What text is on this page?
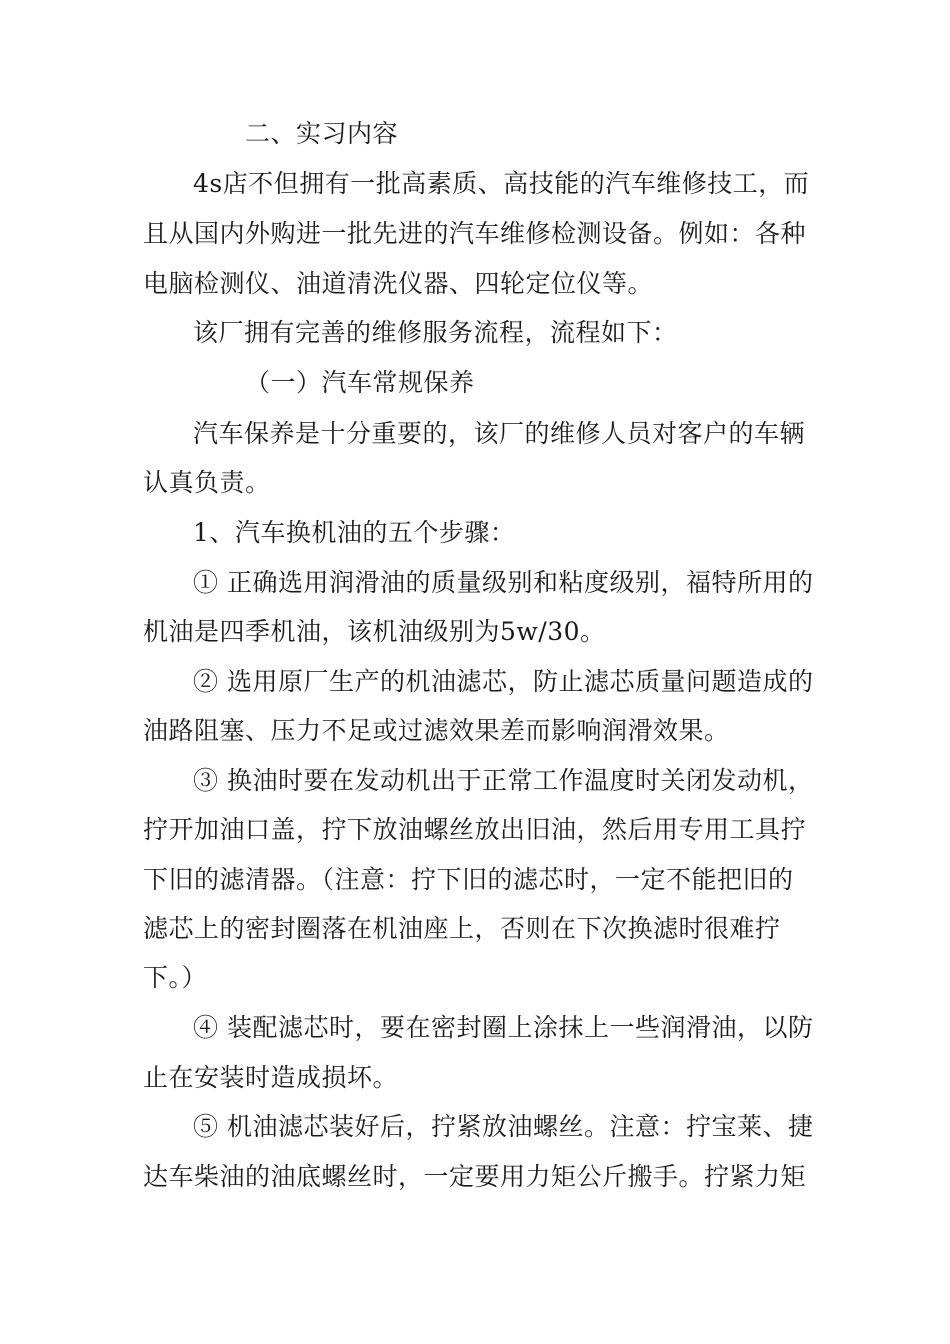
二、实习内容
4s店不但拥有一批高素质、高技能的汽车维修技工，而
且从国内外购进一批先进的汽车维修检测设备。例如：各种
电脑检测仪、油道清洗仪器、四轮定位仪等。
该厂拥有完善的维修服务流程，流程如下：
（一）汽车常规保养
汽车保养是十分重要的，该厂的维修人员对客户的车辆
认真负责。
1、汽车换机油的五个步骤：
① 正确选用润滑油的质量级别和粘度级别，福特所用的
机油是四季机油，该机油级别为5w/30。
② 选用原厂生产的机油滤芯，防止滤芯质量问题造成的
油路阻塞、压力不足或过滤效果差而影响润滑效果。
③ 换油时要在发动机出于正常工作温度时关闭发动机，
拧开加油口盖，拧下放油螺丝放出旧油，然后用专用工具拧
下旧的滤清器。（注意：拧下旧的滤芯时，一定不能把旧的
滤芯上的密封圈落在机油座上，否则在下次换滤时很难拧
下。）
④ 装配滤芯时，要在密封圈上涂抹上一些润滑油，以防
止在安装时造成损坏。
⑤ 机油滤芯装好后，拧紧放油螺丝。注意：拧宝莱、捷
达车柴油的油底螺丝时，一定要用力矩公斤搬手。拧紧力矩
